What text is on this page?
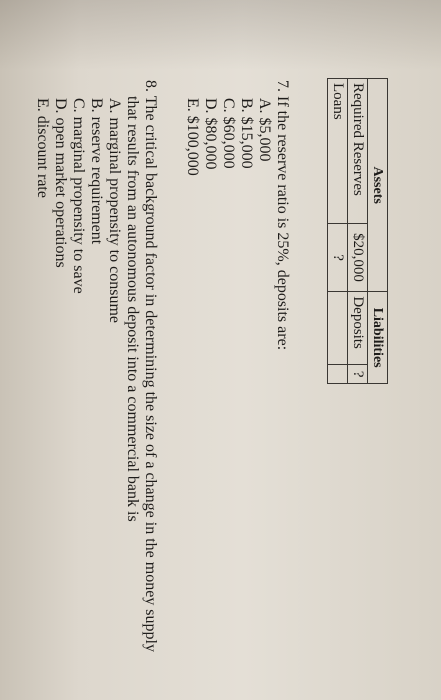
Assets		Liabilities	
Required Reserves	$20,000	Deposits	?
Loans	?		
7. If the reserve ratio is 25%, deposits are:
A. $5,000
B. $15,000
C. $60,000
D. $80,000
E. $100,000
8. The critical background factor in determining the size of a change in the money supply
that results from an autonomous deposit into a commercial bank is
A. marginal propensity to consume
B. reserve requirement
C. marginal propensity to save
D. open market operations
E. discount rate
